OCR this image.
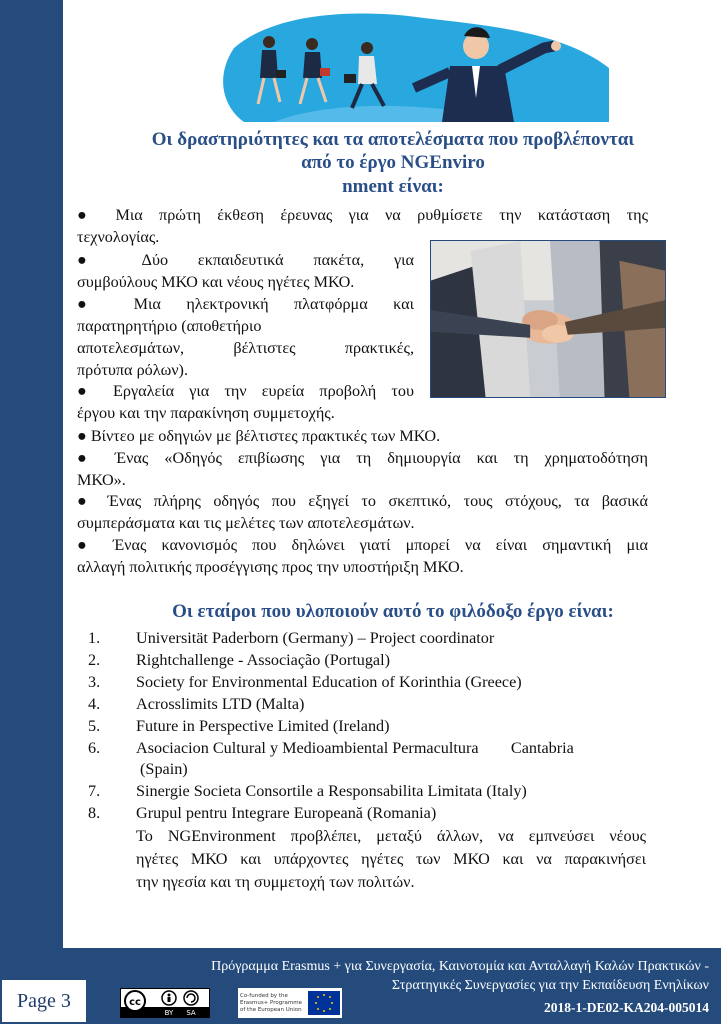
Οι δραστηριότητες και τα αποτελέσματα που προβλέπονται
από το έργο NGEnviro
nment είναι:

● Μια πρώτη έκθεση έρευνας για να ρυθμίσετε την κατάσταση της

τεχνολογίας.

● Δύο εκπαιδευτικά πακέτα, για

συμβούλους ΜΚΟ και νέους ηγέτες ΜΚΟ.

● Μια ηλεκτρονική πλατφόρμα και

παρατηρητήριο (αποθετήριο

αποτελεσμάτων, βέλτιστες πρακτικές,

πρότυπα ρόλων).

● Εργαλεία για την ευρεία προβολή του

έργου και την παρακίνηση συμμετοχής.

● Βίντεο με οδηγιών με βέλτιστες πρακτικές των ΜΚΟ.

● Ένας «Οδηγός επιβίωσης για τη δημιουργία και τη χρηματοδότηση

ΜΚΟ».

● Ένας πλήρης οδηγός που εξηγεί το σκεπτικό, τους στόχους, τα βασικά

συμπεράσματα και τις μελέτες των αποτελεσμάτων.

● Ένας κανονισμός που δηλώνει γιατί μπορεί να είναι σημαντική μια

αλλαγή πολιτικής προσέγγισης προς την υποστήριξη ΜΚΟ.

Οι εταίροι που υλοποιούν αυτό το φιλόδοξο έργο είναι:
1. Universität Paderborn (Germany) – Project coordinator
2. Rightchallenge - Associação (Portugal)
3. Society for Environmental Education of Korinthia (Greece)
4. Acrosslimits LTD (Malta)
5. Future in Perspective Limited (Ireland)
6. Asociacion Cultural y Medioambiental Permacultura        Cantabria
(Spain)
7. Sinergie Societa Consortile a Responsabilita Limitata (Italy)
8. Grupul pentru Integrare Europeană (Romania)
Το NGEnvironment προβλέπει, μεταξύ άλλων, να εμπνεύσει νέους
ηγέτες ΜΚΟ και υπάρχοντες ηγέτες των ΜΚΟ και να παρακινήσει
την ηγεσία και τη συμμετοχή των πολιτών.
Page 3	cc
BY SA
Co-funded by the
Erasmus+ Programme
of the European Union
Πρόγραμμα Erasmus + για Συνεργασία, Καινοτομία και Ανταλλαγή Καλών Πρακτικών -
Στρατηγικές Συνεργασίες για την Εκπαίδευση Ενηλίκων
2018-1-DE02-KA204-005014
